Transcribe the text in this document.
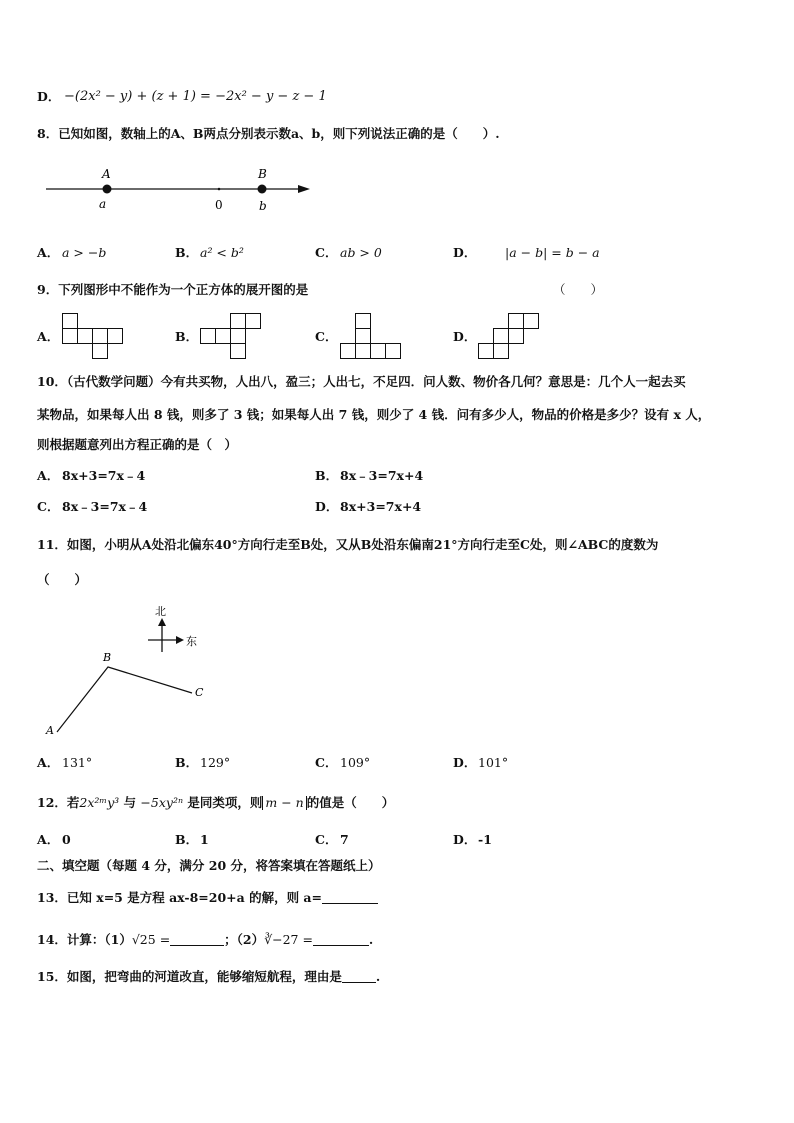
D． −(2x² − y) + (z + 1) = −2x² − y − z − 1
8．已知如图，数轴上的A、B两点分别表示数a、b，则下列说法正确的是（　　）.
A	B
a	0	b
A． a > −b	B． a² < b²	C． ab > 0	D． |a − b| = b − a
9．下列图形中不能作为一个正方体的展开图的是	（　　）
A．	B．	C．	D．
10．（古代数学问题）今有共买物，人出八，盈三；人出七，不足四．问人数、物价各几何？意思是：几个人一起去买
某物品，如果每人出 8 钱，则多了 3 钱；如果每人出 7 钱，则少了 4 钱．问有多少人，物品的价格是多少？设有 x 人，
则根据题意列出方程正确的是（　）
A． 8x+3=7x﹣4	B． 8x﹣3=7x+4
C． 8x﹣3=7x﹣4	D． 8x+3=7x+4
11．如图，小明从A处沿北偏东40°方向行走至B处，又从B处沿东偏南21°方向行走至C处，则∠ABC的度数为
（　　）
北
东
A
B
C
A． 131°	B． 129°	C． 109°	D． 101°
12．若2x²ᵐy³ 与 −5xy²ⁿ 是同类项，则 m − n 的值是（　　）
A． 0	B． 1	C． 7	D． -1
二、填空题（每题 4 分，满分 20 分，将答案填在答题纸上）
13．已知 x=5 是方程 ax-8=20+a 的解，则 a=
14．计算：（1）√25 =	；（2）∛−27 =	.
15．如图，把弯曲的河道改直，能够缩短航程，理由是	.
